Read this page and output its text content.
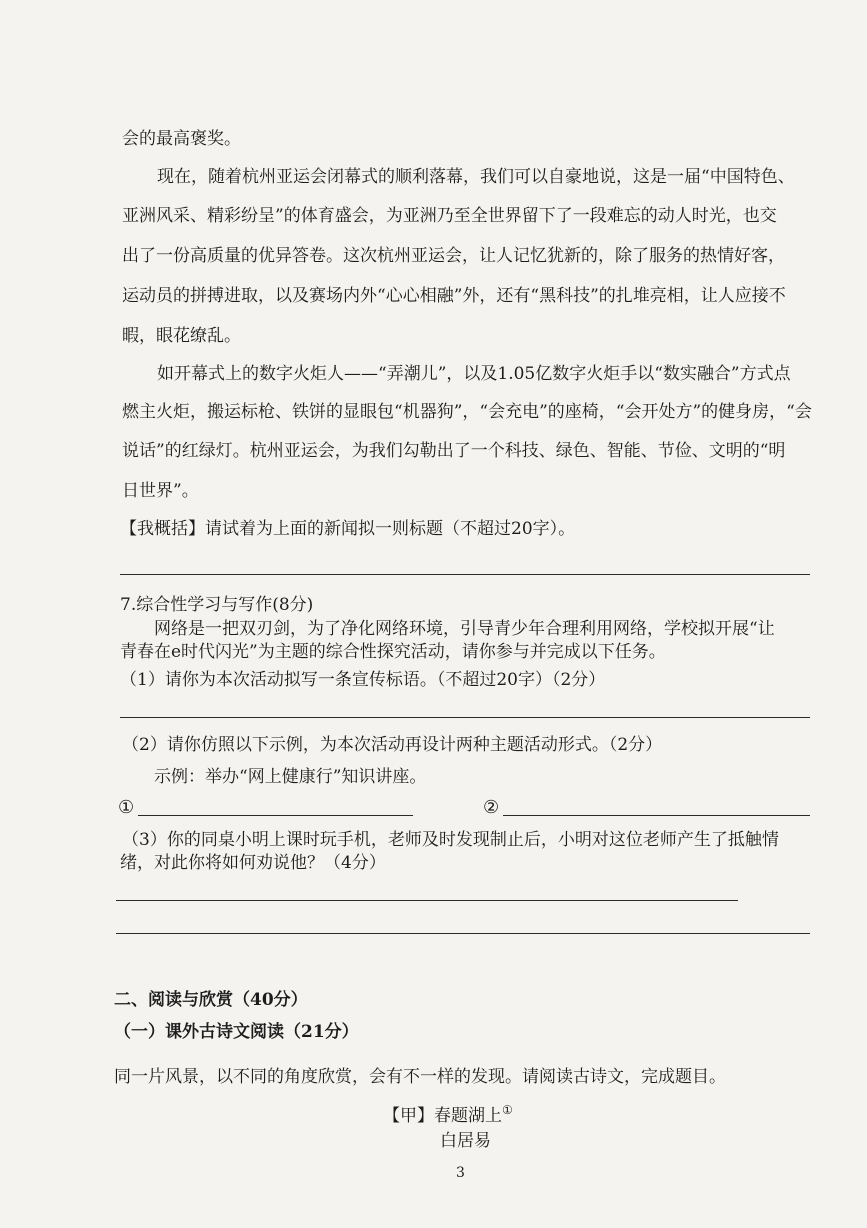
会的最高褒奖。
现在，随着杭州亚运会闭幕式的顺利落幕，我们可以自豪地说，这是一届“中国特色、
亚洲风采、精彩纷呈”的体育盛会，为亚洲乃至全世界留下了一段难忘的动人时光，也交
出了一份高质量的优异答卷。这次杭州亚运会，让人记忆犹新的，除了服务的热情好客，
运动员的拼搏进取，以及赛场内外“心心相融”外，还有“黑科技”的扎堆亮相，让人应接不
暇，眼花缭乱。
如开幕式上的数字火炬人——“弄潮儿”，以及1.05亿数字火炬手以“数实融合”方式点
燃主火炬，搬运标枪、铁饼的显眼包“机器狗”，“会充电”的座椅，“会开处方”的健身房，“会
说话”的红绿灯。杭州亚运会，为我们勾勒出了一个科技、绿色、智能、节俭、文明的“明
日世界”。
【我概括】请试着为上面的新闻拟一则标题（不超过20字）。
7.综合性学习与写作(8分)
网络是一把双刃剑，为了净化网络环境，引导青少年合理利用网络，学校拟开展“让
青春在e时代闪光”为主题的综合性探究活动，请你参与并完成以下任务。
（1）请你为本次活动拟写一条宣传标语。（不超过20字）（2分）
（2）请你仿照以下示例，为本次活动再设计两种主题活动形式。（2分）
示例：举办“网上健康行”知识讲座。
①	②
（3）你的同桌小明上课时玩手机，老师及时发现制止后，小明对这位老师产生了抵触情
绪，对此你将如何劝说他？（4分）
二、阅读与欣赏（40分）
（一）课外古诗文阅读（21分）
同一片风景，以不同的角度欣赏，会有不一样的发现。请阅读古诗文，完成题目。
【甲】春题湖上①
白居易
3
